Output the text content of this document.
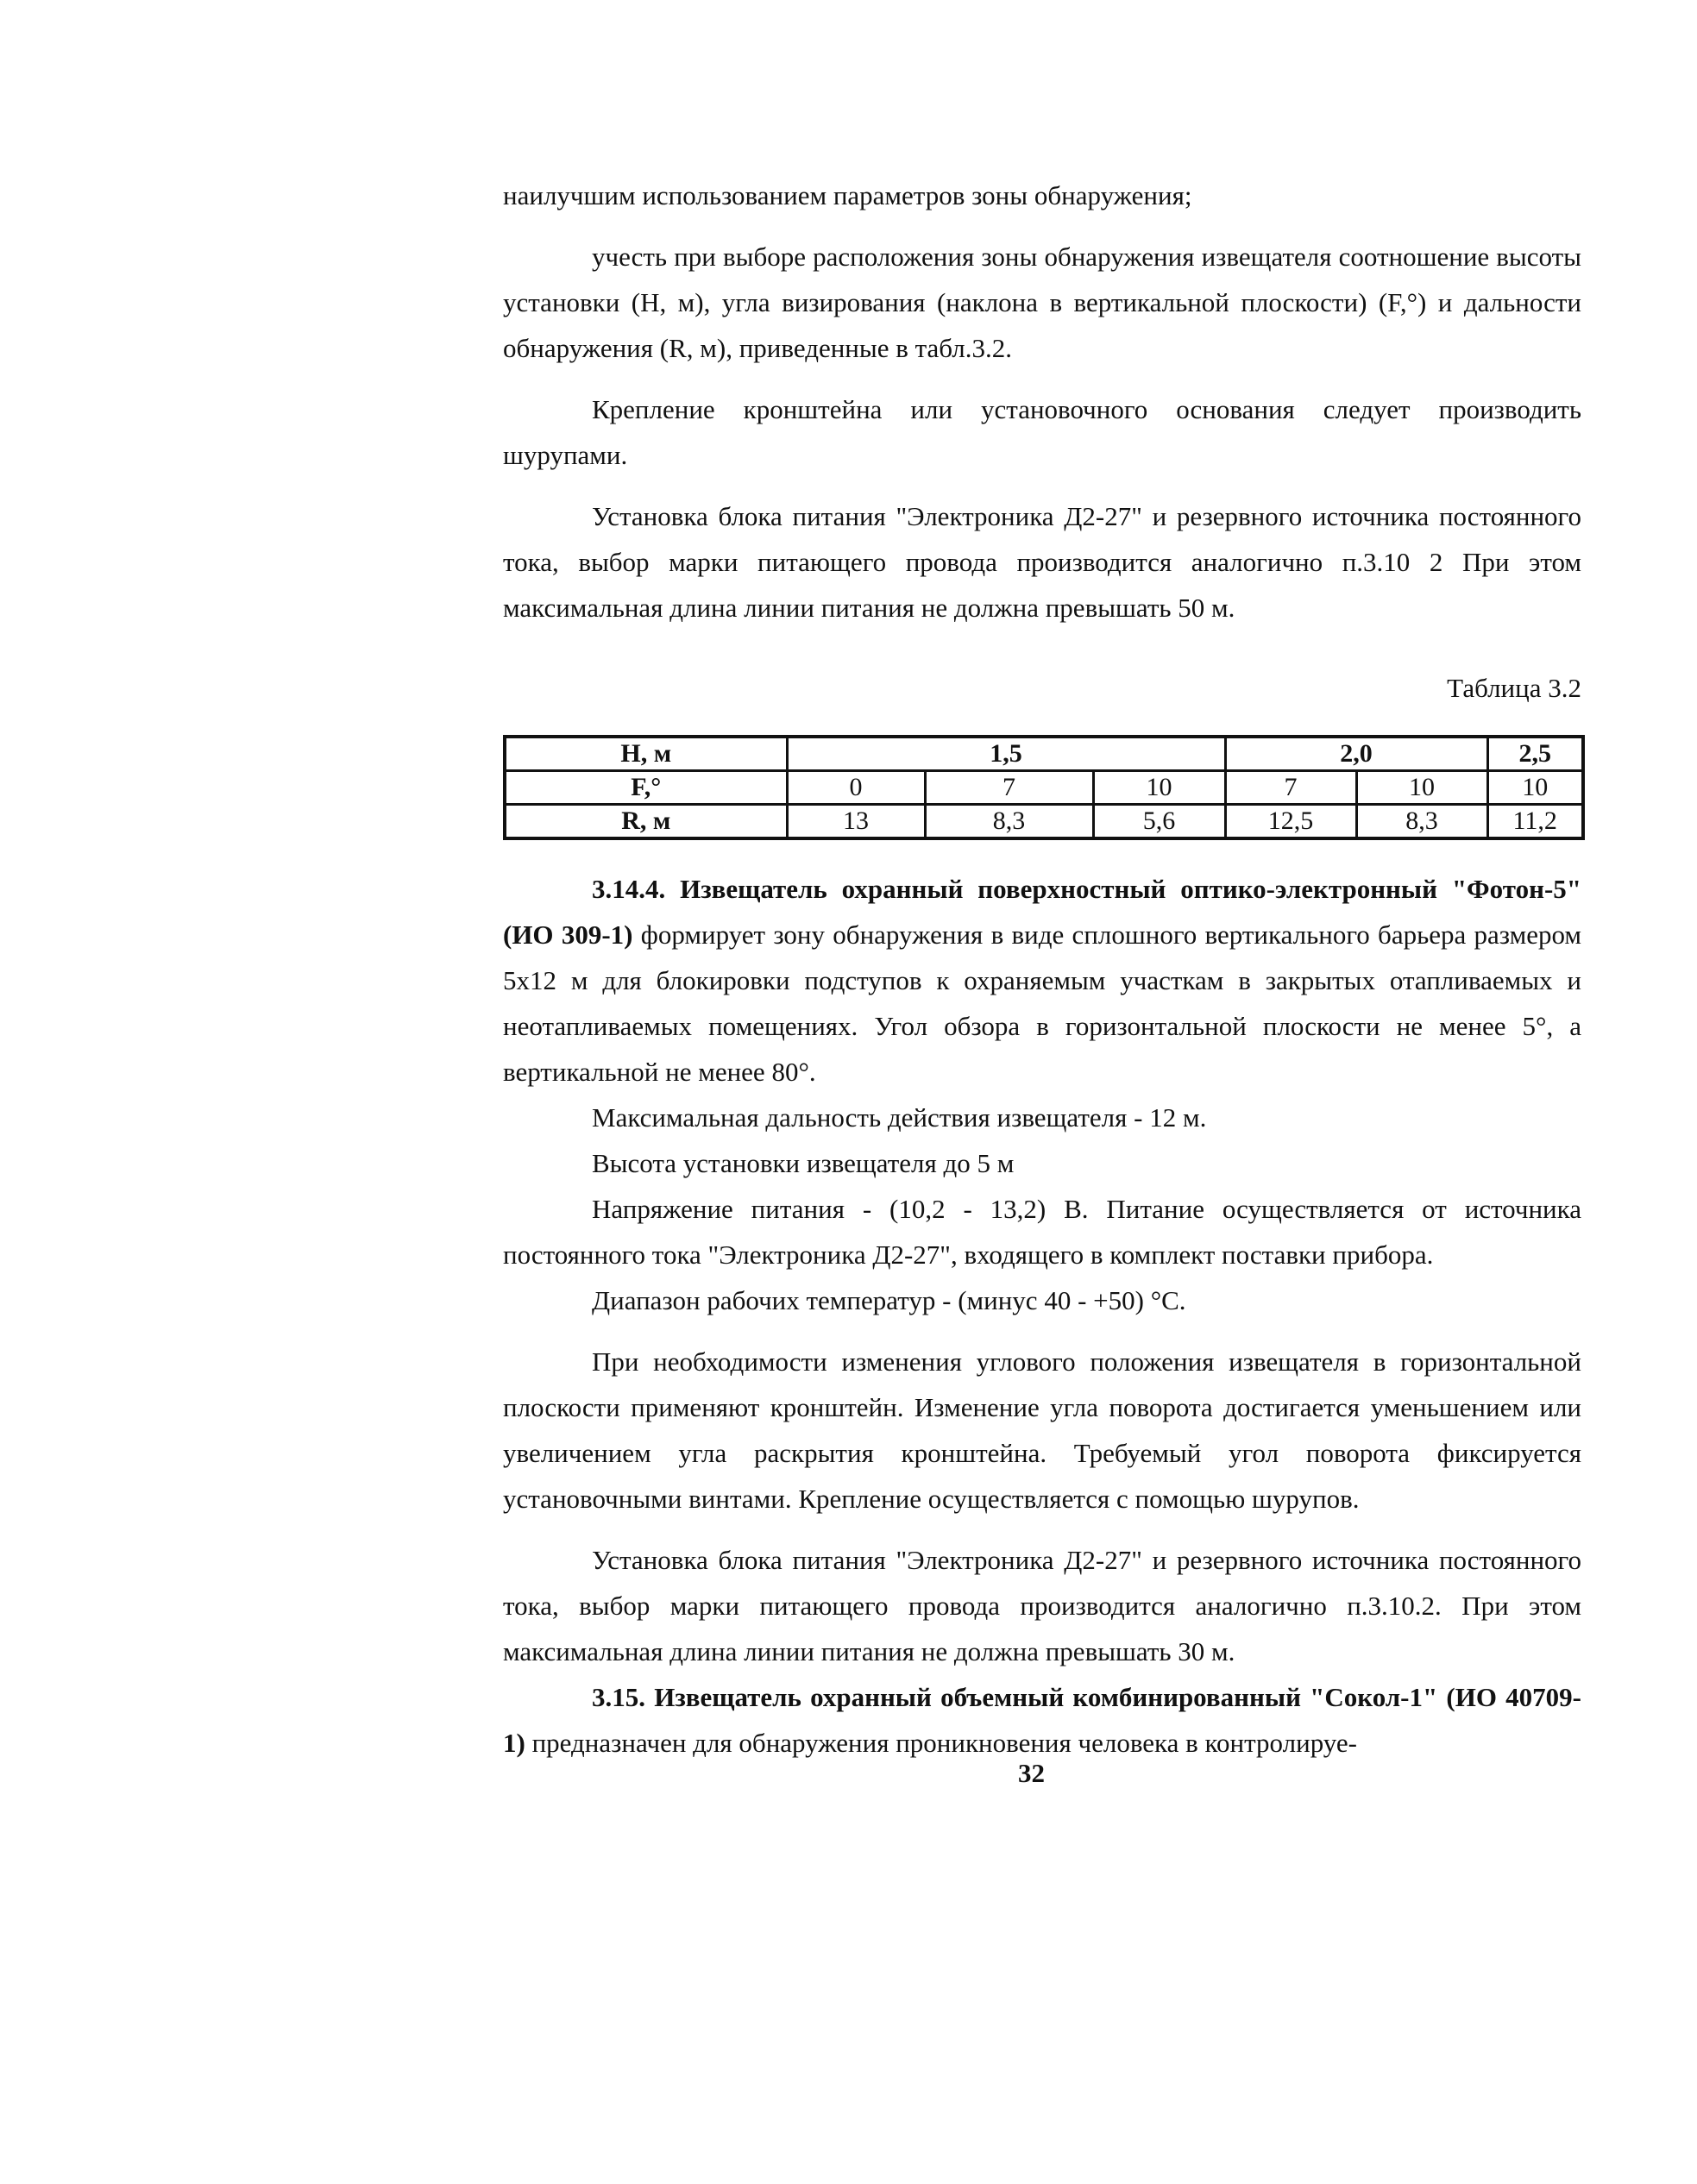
наилучшим использованием параметров зоны обнаружения;

учесть при выборе расположения зоны обнаружения извещателя соотношение высоты установки (H, м), угла визирования (наклона в вертикальной плоскости) (F,°) и дальности обнаружения (R, м), приведенные в табл.3.2.

Крепление кронштейна или установочного основания следует производить шурупами.

Установка блока питания "Электроника Д2-27" и резервного источника постоянного тока, выбор марки питающего провода производится аналогично п.3.10 2 При этом максимальная длина линии питания не должна превышать 50 м.

Таблица 3.2
H, м	1,5			2,0		2,5
F,°	0	7	10	7	10	10
R, м	13	8,3	5,6	12,5	8,3	11,2

3.14.4. Извещатель охранный поверхностный оптико-электронный "Фотон-5" (ИО 309-1) формирует зону обнаружения в виде сплошного вертикального барьера размером 5х12 м для блокировки подступов к охраняемым участкам в закрытых отапливаемых и неотапливаемых помещениях. Угол обзора в горизонтальной плоскости не менее 5°, а вертикальной не менее 80°.

Максимальная дальность действия извещателя - 12 м.

Высота установки извещателя до 5 м

Напряжение питания - (10,2 - 13,2) В. Питание осуществляется от источника постоянного тока "Электроника Д2-27", входящего в комплект поставки прибора.

Диапазон рабочих температур - (минус 40 - +50) °С.

При необходимости изменения углового положения извещателя в горизонтальной плоскости применяют кронштейн. Изменение угла поворота достигается уменьшением или увеличением угла раскрытия кронштейна. Требуемый угол поворота фиксируется установочными винтами. Крепление осуществляется с помощью шурупов.

Установка блока питания "Электроника Д2-27" и резервного источника постоянного тока, выбор марки питающего провода производится аналогично п.3.10.2. При этом максимальная длина линии питания не должна превышать 30 м.

3.15. Извещатель охранный объемный комбинированный "Сокол-1" (ИО 40709-1) предназначен для обнаружения проникновения человека в контролируе-

32
